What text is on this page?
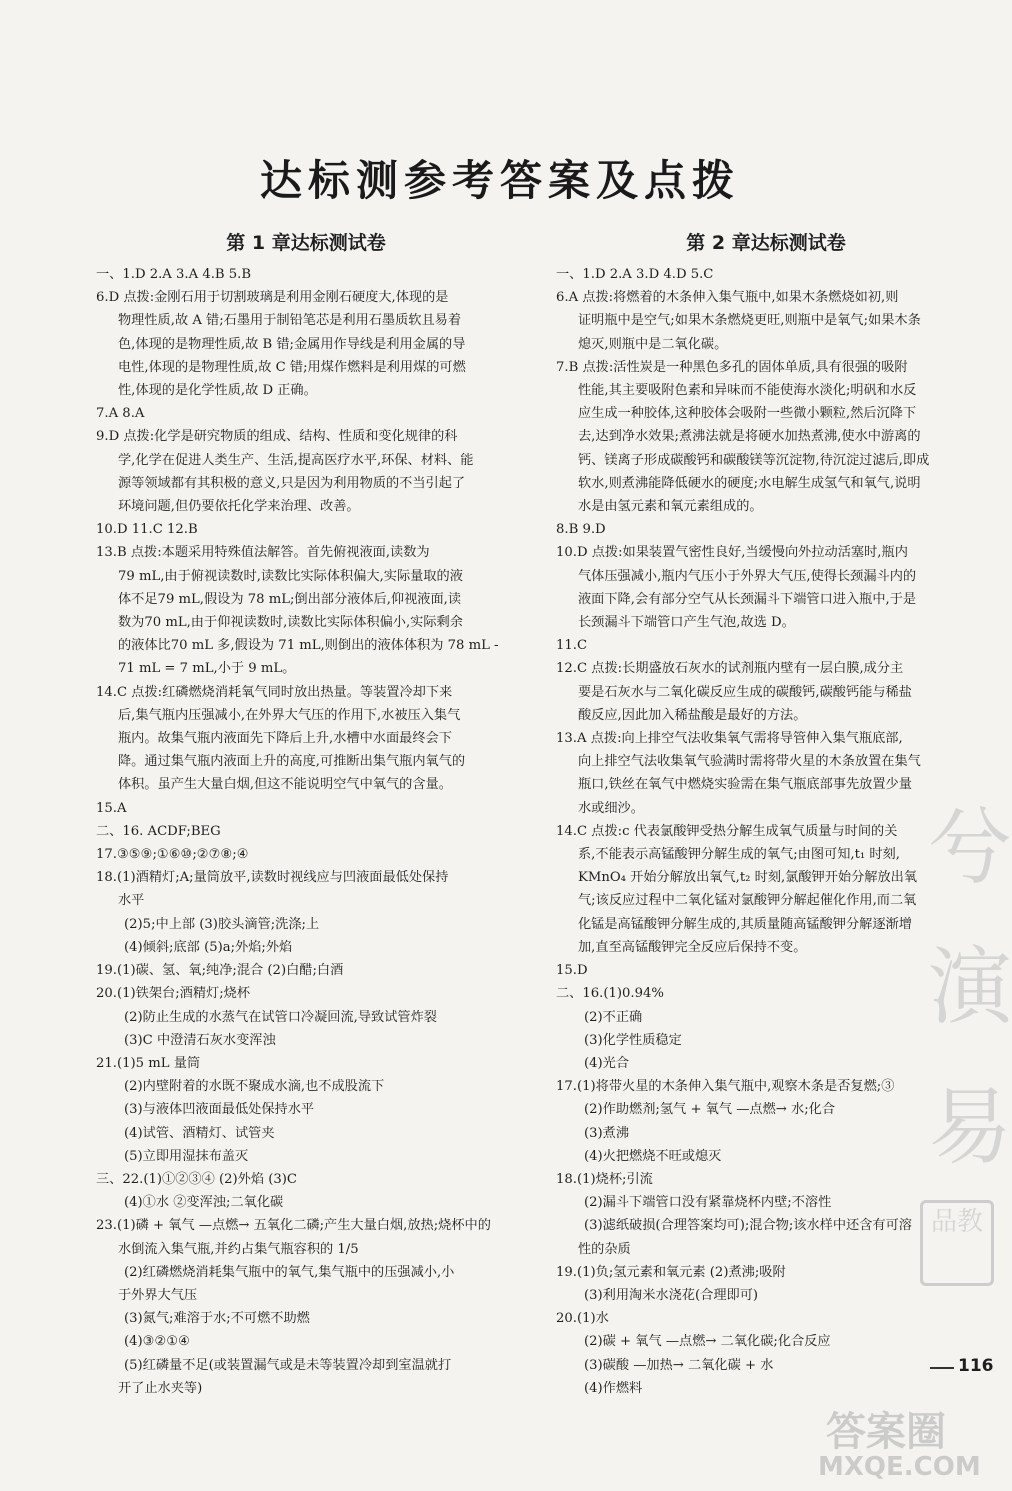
达标测参考答案及点拨
第 1 章达标测试卷
一、1.D 2.A 3.A 4.B 5.B
6.D 点拨:金刚石用于切割玻璃是利用金刚石硬度大,体现的是
物理性质,故 A 错;石墨用于制铅笔芯是利用石墨质软且易着
色,体现的是物理性质,故 B 错;金属用作导线是利用金属的导
电性,体现的是物理性质,故 C 错;用煤作燃料是利用煤的可燃
性,体现的是化学性质,故 D 正确。
7.A 8.A
9.D 点拨:化学是研究物质的组成、结构、性质和变化规律的科
学,化学在促进人类生产、生活,提高医疗水平,环保、材料、能
源等领域都有其积极的意义,只是因为利用物质的不当引起了
环境问题,但仍要依托化学来治理、改善。
10.D 11.C 12.B
13.B 点拨:本题采用特殊值法解答。首先俯视液面,读数为
79 mL,由于俯视读数时,读数比实际体积偏大,实际量取的液
体不足79 mL,假设为 78 mL;倒出部分液体后,仰视液面,读
数为70 mL,由于仰视读数时,读数比实际体积偏小,实际剩余
的液体比70 mL 多,假设为 71 mL,则倒出的液体体积为 78 mL -
71 mL = 7 mL,小于 9 mL。
14.C 点拨:红磷燃烧消耗氧气同时放出热量。等装置冷却下来
后,集气瓶内压强减小,在外界大气压的作用下,水被压入集气
瓶内。故集气瓶内液面先下降后上升,水槽中水面最终会下
降。通过集气瓶内液面上升的高度,可推断出集气瓶内氧气的
体积。虽产生大量白烟,但这不能说明空气中氧气的含量。
15.A
二、16. ACDF;BEG
17.③⑤⑨;①⑥⑩;②⑦⑧;④
18.(1)酒精灯;A;量筒放平,读数时视线应与凹液面最低处保持
水平
(2)5;中上部 (3)胶头滴管;洗涤;上
(4)倾斜;底部 (5)a;外焰;外焰
19.(1)碳、氢、氧;纯净;混合 (2)白醋;白酒
20.(1)铁架台;酒精灯;烧杯
(2)防止生成的水蒸气在试管口冷凝回流,导致试管炸裂
(3)C 中澄清石灰水变浑浊
21.(1)5 mL 量筒
(2)内壁附着的水既不聚成水滴,也不成股流下
(3)与液体凹液面最低处保持水平
(4)试管、酒精灯、试管夹
(5)立即用湿抹布盖灭
三、22.(1)①②③④ (2)外焰 (3)C
(4)①水 ②变浑浊;二氧化碳
23.(1)磷 + 氧气 —点燃→ 五氧化二磷;产生大量白烟,放热;烧杯中的
水倒流入集气瓶,并约占集气瓶容积的 1/5
(2)红磷燃烧消耗集气瓶中的氧气,集气瓶中的压强减小,小
于外界大气压
(3)氮气;难溶于水;不可燃不助燃
(4)③②①④
(5)红磷量不足(或装置漏气或是未等装置冷却到室温就打
开了止水夹等)
第 2 章达标测试卷
一、1.D 2.A 3.D 4.D 5.C
6.A 点拨:将燃着的木条伸入集气瓶中,如果木条燃烧如初,则
证明瓶中是空气;如果木条燃烧更旺,则瓶中是氧气;如果木条
熄灭,则瓶中是二氧化碳。
7.B 点拨:活性炭是一种黑色多孔的固体单质,具有很强的吸附
性能,其主要吸附色素和异味而不能使海水淡化;明矾和水反
应生成一种胶体,这种胶体会吸附一些微小颗粒,然后沉降下
去,达到净水效果;煮沸法就是将硬水加热煮沸,使水中游离的
钙、镁离子形成碳酸钙和碳酸镁等沉淀物,待沉淀过滤后,即成
软水,则煮沸能降低硬水的硬度;水电解生成氢气和氧气,说明
水是由氢元素和氧元素组成的。
8.B 9.D
10.D 点拨:如果装置气密性良好,当缓慢向外拉动活塞时,瓶内
气体压强减小,瓶内气压小于外界大气压,使得长颈漏斗内的
液面下降,会有部分空气从长颈漏斗下端管口进入瓶中,于是
长颈漏斗下端管口产生气泡,故选 D。
11.C
12.C 点拨:长期盛放石灰水的试剂瓶内壁有一层白膜,成分主
要是石灰水与二氧化碳反应生成的碳酸钙,碳酸钙能与稀盐
酸反应,因此加入稀盐酸是最好的方法。
13.A 点拨:向上排空气法收集氧气需将导管伸入集气瓶底部,
向上排空气法收集氧气验满时需将带火星的木条放置在集气
瓶口,铁丝在氧气中燃烧实验需在集气瓶底部事先放置少量
水或细沙。
14.C 点拨:c 代表氯酸钾受热分解生成氧气质量与时间的关
系,不能表示高锰酸钾分解生成的氧气;由图可知,t₁ 时刻,
KMnO₄ 开始分解放出氧气,t₂ 时刻,氯酸钾开始分解放出氧
气;该反应过程中二氧化锰对氯酸钾分解起催化作用,而二氧
化锰是高锰酸钾分解生成的,其质量随高锰酸钾分解逐渐增
加,直至高锰酸钾完全反应后保持不变。
15.D
二、16.(1)0.94%
(2)不正确
(3)化学性质稳定
(4)光合
17.(1)将带火星的木条伸入集气瓶中,观察木条是否复燃;③
(2)作助燃剂;氢气 + 氧气 —点燃→ 水;化合
(3)煮沸
(4)火把燃烧不旺或熄灭
18.(1)烧杯;引流
(2)漏斗下端管口没有紧靠烧杯内壁;不溶性
(3)滤纸破损(合理答案均可);混合物;该水样中还含有可溶
性的杂质
19.(1)负;氢元素和氧元素 (2)煮沸;吸附
(3)利用淘米水浇花(合理即可)
20.(1)水
(2)碳 + 氧气 —点燃→ 二氧化碳;化合反应
(3)碳酸 —加热→ 二氧化碳 + 水
(4)作燃料
116
兮
演
易
品教
答案圈
MXQE.COM
